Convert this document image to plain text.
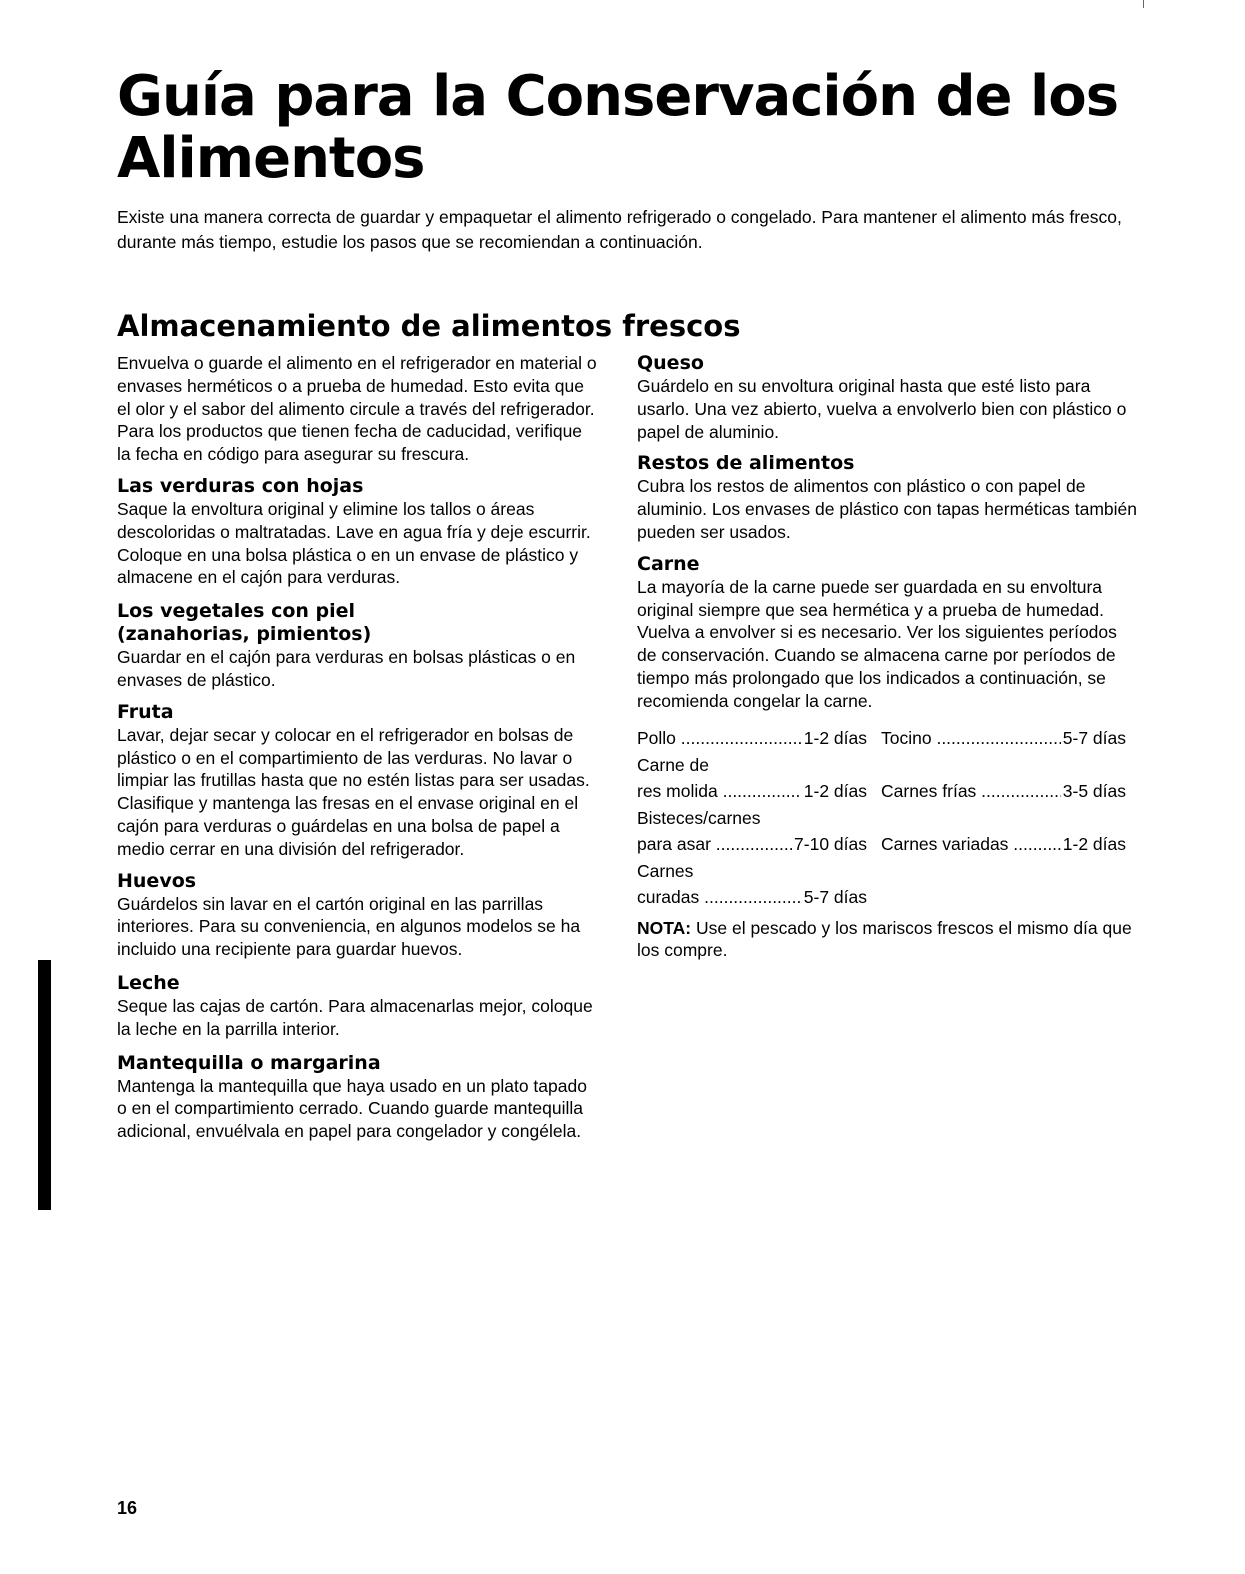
Guía para la Conservación de los Alimentos

Existe una manera correcta de guardar y empaquetar el alimento refrigerado o congelado. Para mantener el alimento más fresco, durante más tiempo, estudie los pasos que se recomiendan a continuación.

Almacenamiento de alimentos frescos

Envuelva o guarde el alimento en el refrigerador en material o envases herméticos o a prueba de humedad. Esto evita que el olor y el sabor del alimento circule a través del refrigerador. Para los productos que tienen fecha de caducidad, verifique la fecha en código para asegurar su frescura.

Las verduras con hojas

Saque la envoltura original y elimine los tallos o áreas descoloridas o maltratadas. Lave en agua fría y deje escurrir. Coloque en una bolsa plástica o en un envase de plástico y almacene en el cajón para verduras.

Los vegetales con piel (zanahorias, pimientos)

Guardar en el cajón para verduras en bolsas plásticas o en envases de plástico.

Fruta

Lavar, dejar secar y colocar en el refrigerador en bolsas de plástico o en el compartimiento de las verduras. No lavar o limpiar las frutillas hasta que no estén listas para ser usadas. Clasifique y mantenga las fresas en el envase original en el cajón para verduras o guárdelas en una bolsa de papel a medio cerrar en una división del refrigerador.

Huevos

Guárdelos sin lavar en el cartón original en las parrillas interiores. Para su conveniencia, en algunos modelos se ha incluido una recipiente para guardar huevos.

Leche

Seque las cajas de cartón. Para almacenarlas mejor, coloque la leche en la parrilla interior.

Mantequilla o margarina

Mantenga la mantequilla que haya usado en un plato tapado o en el compartimiento cerrado. Cuando guarde mantequilla adicional, envuélvala en papel para congelador y congélela.

Queso

Guárdelo en su envoltura original hasta que esté listo para usarlo. Una vez abierto, vuelva a envolverlo bien con plástico o papel de aluminio.

Restos de alimentos

Cubra los restos de alimentos con plástico o con papel de aluminio. Los envases de plástico con tapas herméticas también pueden ser usados.

Carne

La mayoría de la carne puede ser guardada en su envoltura original siempre que sea hermética y a prueba de humedad. Vuelva a envolver si es necesario. Ver los siguientes períodos de conservación. Cuando se almacena carne por períodos de tiempo más prolongado que los indicados a continuación, se recomienda congelar la carne.

Pollo .....	1-2 días Tocino .....	5-7 días
Carne de
res molida .....	1-2 días Carnes frías .....	3-5 días
Bisteces/carnes
para asar .....	7-10 días Carnes variadas .....	1-2 días
Carnes
curadas .....	5-7 días

NOTA: Use el pescado y los mariscos frescos el mismo día que los compre.

16
